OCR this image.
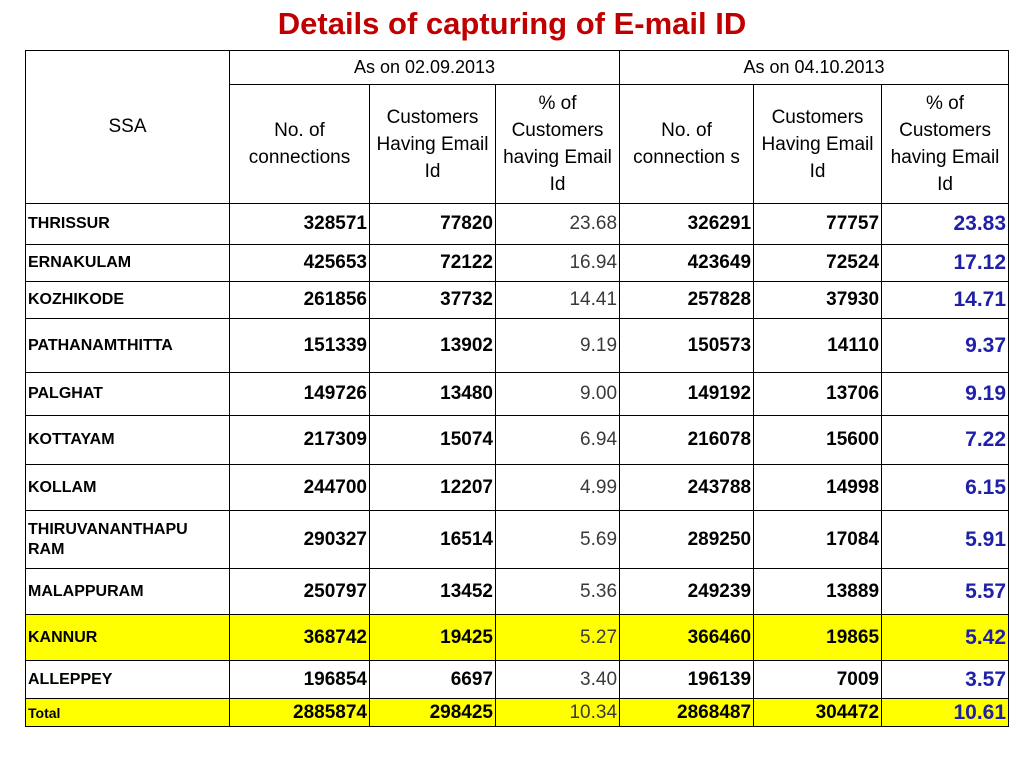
Details of capturing of E-mail ID
SSA	As on 02.09.2013			As on 04.10.2013		
	No. of connections	Customers Having Email Id	% of Customers having Email Id	No. of connection s	Customers Having Email Id	% of Customers having Email Id
THRISSUR	328571	77820	23.68	326291	77757	23.83
ERNAKULAM	425653	72122	16.94	423649	72524	17.12
KOZHIKODE	261856	37732	14.41	257828	37930	14.71
PATHANAMTHITTA	151339	13902	9.19	150573	14110	9.37
PALGHAT	149726	13480	9.00	149192	13706	9.19
KOTTAYAM	217309	15074	6.94	216078	15600	7.22
KOLLAM	244700	12207	4.99	243788	14998	6.15
THIRUVANANTHAPU RAM	290327	16514	5.69	289250	17084	5.91
MALAPPURAM	250797	13452	5.36	249239	13889	5.57
KANNUR	368742	19425	5.27	366460	19865	5.42
ALLEPPEY	196854	6697	3.40	196139	7009	3.57
Total	2885874	298425	10.34	2868487	304472	10.61
